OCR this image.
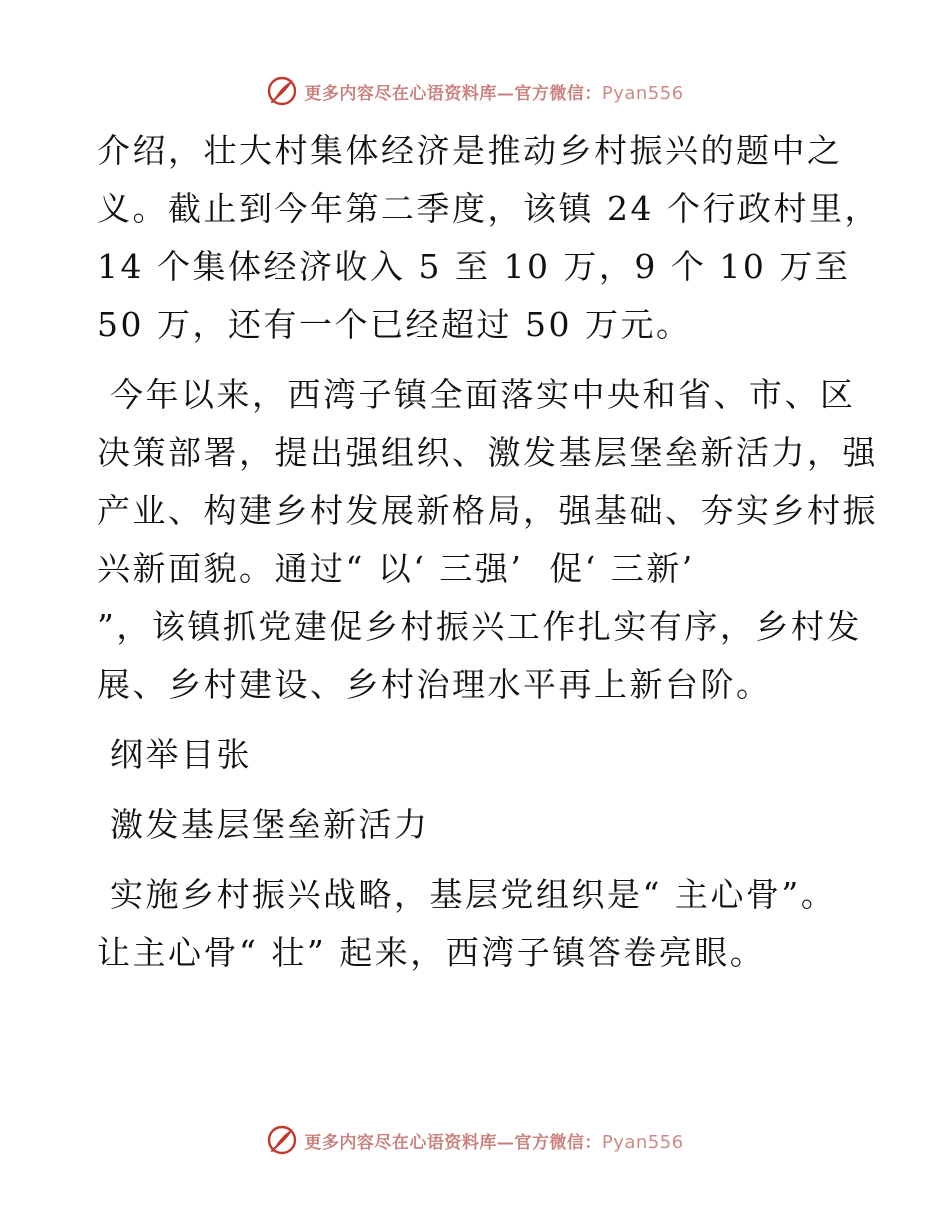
更多内容尽在心语资料库—官方微信：Pyan556
介绍，壮大村集体经济是推动乡村振兴的题中之
义。截止到今年第二季度，该镇 24 个行政村里，
14 个集体经济收入 5 至 10 万，9 个 10 万至
50 万，还有一个已经超过 50 万元。
今年以来，西湾子镇全面落实中央和省、市、区
决策部署，提出强组织、激发基层堡垒新活力，强
产业、构建乡村发展新格局，强基础、夯实乡村振
兴新面貌。通过“ 以‘ 三强’  促‘ 三新’
”，该镇抓党建促乡村振兴工作扎实有序，乡村发
展、乡村建设、乡村治理水平再上新台阶。
纲举目张
激发基层堡垒新活力
实施乡村振兴战略，基层党组织是“ 主心骨”。
让主心骨“ 壮” 起来，西湾子镇答卷亮眼。
更多内容尽在心语资料库—官方微信：Pyan556
